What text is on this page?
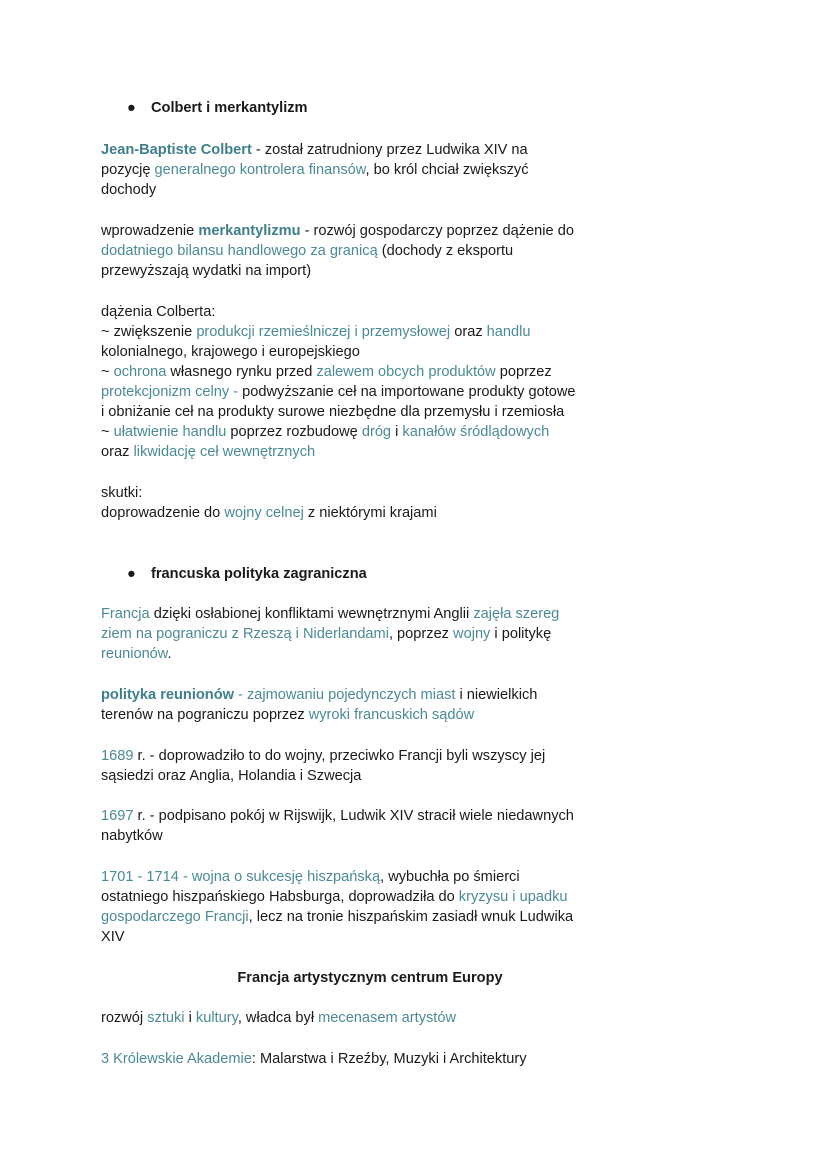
● Colbert i merkantylizm
Jean-Baptiste Colbert - został zatrudniony przez Ludwika XIV na
pozycję generalnego kontrolera finansów, bo król chciał zwiększyć
dochody
wprowadzenie merkantylizmu - rozwój gospodarczy poprzez dążenie do
dodatniego bilansu handlowego za granicą (dochody z eksportu
przewyższają wydatki na import)
dążenia Colberta:
~ zwiększenie produkcji rzemieślniczej i przemysłowej oraz handlu
kolonialnego, krajowego i europejskiego
~ ochrona własnego rynku przed zalewem obcych produktów poprzez
protekcjonizm celny - podwyższanie ceł na importowane produkty gotowe
i obniżanie ceł na produkty surowe niezbędne dla przemysłu i rzemiosła
~ ułatwienie handlu poprzez rozbudowę dróg i kanałów śródlądowych
oraz likwidację ceł wewnętrznych
skutki:
doprowadzenie do wojny celnej z niektórymi krajami
● francuska polityka zagraniczna
Francja dzięki osłabionej konfliktami wewnętrznymi Anglii zajęła szereg
ziem na pograniczu z Rzeszą i Niderlandami, poprzez wojny i politykę
reunionów.
polityka reunionów - zajmowaniu pojedynczych miast i niewielkich
terenów na pograniczu poprzez wyroki francuskich sądów
1689 r. - doprowadziło to do wojny, przeciwko Francji byli wszyscy jej
sąsiedzi oraz Anglia, Holandia i Szwecja
1697 r. - podpisano pokój w Rijswijk, Ludwik XIV stracił wiele niedawnych
nabytków
1701 - 1714 - wojna o sukcesję hiszpańską, wybuchła po śmierci
ostatniego hiszpańskiego Habsburga, doprowadziła do kryzysu i upadku
gospodarczego Francji, lecz na tronie hiszpańskim zasiadł wnuk Ludwika
XIV
Francja artystycznym centrum Europy
rozwój sztuki i kultury, władca był mecenasem artystów
3 Królewskie Akademie: Malarstwa i Rzeźby, Muzyki i Architektury
